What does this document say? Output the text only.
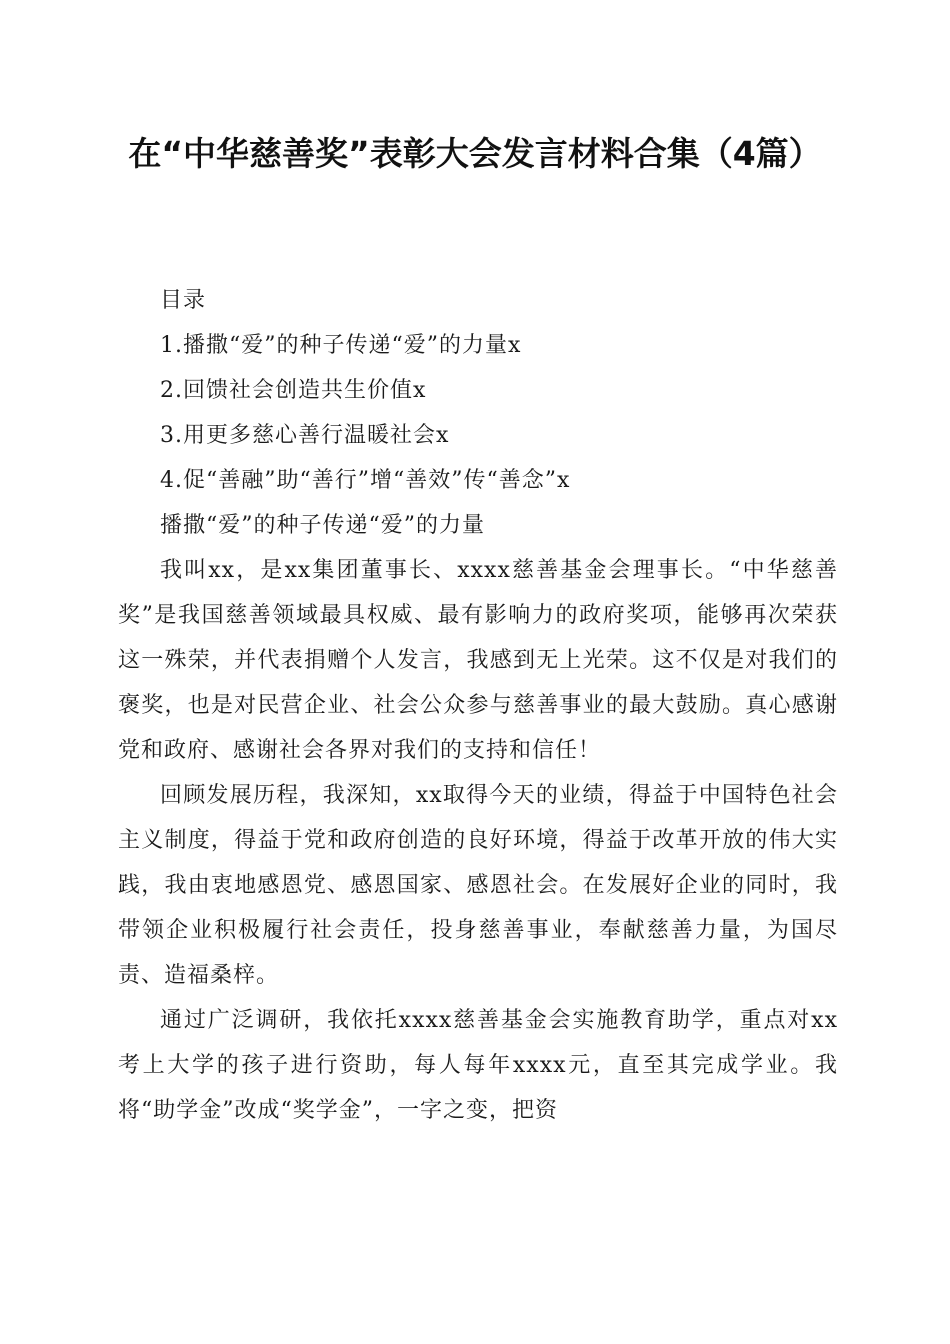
在“中华慈善奖”表彰大会发言材料合集（4篇）
目录
1.播撒“爱”的种子传递“爱”的力量x
2.回馈社会创造共生价值x
3.用更多慈心善行温暖社会x
4.促“善融”助“善行”增“善效”传“善念”x
播撒“爱”的种子传递“爱”的力量

我叫xx，是xx集团董事长、xxxx慈善基金会理事长。“中华慈善奖”是我国慈善领域最具权威、最有影响力的政府奖项，能够再次荣获这一殊荣，并代表捐赠个人发言，我感到无上光荣。这不仅是对我们的褒奖，也是对民营企业、社会公众参与慈善事业的最大鼓励。真心感谢党和政府、感谢社会各界对我们的支持和信任！

回顾发展历程，我深知，xx取得今天的业绩，得益于中国特色社会主义制度，得益于党和政府创造的良好环境，得益于改革开放的伟大实践，我由衷地感恩党、感恩国家、感恩社会。在发展好企业的同时，我带领企业积极履行社会责任，投身慈善事业，奉献慈善力量，为国尽责、造福桑梓。

通过广泛调研，我依托xxxx慈善基金会实施教育助学，重点对xx考上大学的孩子进行资助，每人每年xxxx元，直至其完成学业。我将“助学金”改成“奖学金”，一字之变，把资
